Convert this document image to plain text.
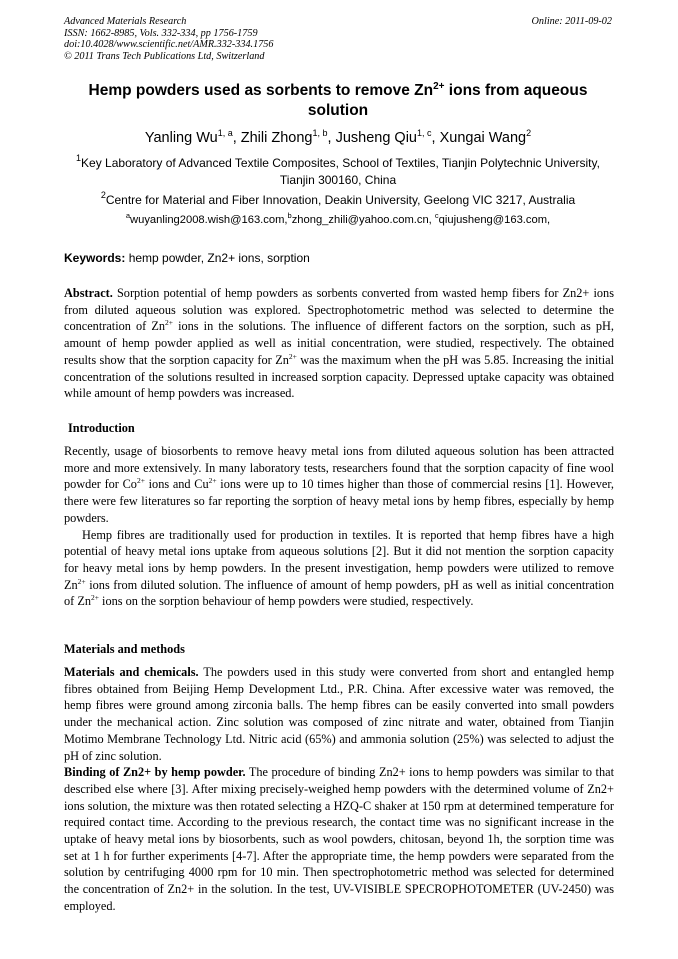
Advanced Materials Research
ISSN: 1662-8985, Vols. 332-334, pp 1756-1759
doi:10.4028/www.scientific.net/AMR.332-334.1756
© 2011 Trans Tech Publications Ltd, Switzerland
Online: 2011-09-02
Hemp powders used as sorbents to remove $Zn^{2+}$ ions from aqueous solution
Yanling Wu$^{1, a}$, Zhili Zhong$^{1, b}$, Jusheng Qiu$^{1, c}$, Xungai Wang$^2$
$^1$Key Laboratory of Advanced Textile Composites, School of Textiles, Tianjin Polytechnic University, Tianjin 300160, China
$^2$Centre for Material and Fiber Innovation, Deakin University, Geelong VIC 3217, Australia
$^a$wuyanling2008.wish@163.com,$^b$zhong_zhili@yahoo.com.cn, $^c$qiujusheng@163.com,
Keywords: hemp powder, Zn2+ ions, sorption

Abstract. Sorption potential of hemp powders as sorbents converted from wasted hemp fibers for Zn2+ ions from diluted aqueous solution was explored. Spectrophotometric method was selected to determine the concentration of $Zn^{2+}$ ions in the solutions. The influence of different factors on the sorption, such as pH, amount of hemp powder applied as well as initial concentration, were studied, respectively. The obtained results show that the sorption capacity for $Zn^{2+}$ was the maximum when the pH was 5.85. Increasing the initial concentration of the solutions resulted in increased sorption capacity. Depressed uptake capacity was obtained while amount of hemp powders was increased.

Introduction

Recently, usage of biosorbents to remove heavy metal ions from diluted aqueous solution has been attracted more and more extensively. In many laboratory tests, researchers found that the sorption capacity of fine wool powder for $Co^{2+}$ ions and $Cu^{2+}$ ions were up to 10 times higher than those of commercial resins [1]. However, there were few literatures so far reporting the sorption of heavy metal ions by hemp fibres, especially by hemp powders.

Hemp fibres are traditionally used for production in textiles. It is reported that hemp fibres have a high potential of heavy metal ions uptake from aqueous solutions [2]. But it did not mention the sorption capacity for heavy metal ions by hemp powders. In the present investigation, hemp powders were utilized to remove $Zn^{2+}$ ions from diluted solution. The influence of amount of hemp powders, pH as well as initial concentration of $Zn^{2+}$ ions on the sorption behaviour of hemp powders were studied, respectively.

Materials and methods

Materials and chemicals. The powders used in this study were converted from short and entangled hemp fibres obtained from Beijing Hemp Development Ltd., P.R. China. After excessive water was removed, the hemp fibres were ground among zirconia balls. The hemp fibres can be easily converted into small powders under the mechanical action. Zinc solution was composed of zinc nitrate and water, obtained from Tianjin Motimo Membrane Technology Ltd. Nitric acid (65%) and ammonia solution (25%) was selected to adjust the pH of zinc solution.

Binding of Zn2+ by hemp powder. The procedure of binding Zn2+ ions to hemp powders was similar to that described else where [3]. After mixing precisely-weighed hemp powders with the determined volume of Zn2+ ions solution, the mixture was then rotated selecting a HZQ-C shaker at 150 rpm at determined temperature for required contact time. According to the previous research, the contact time was no significant increase in the uptake of heavy metal ions by biosorbents, such as wool powders, chitosan, beyond 1h, the sorption time was set at 1 h for further experiments [4-7]. After the appropriate time, the hemp powders were separated from the solution by centrifuging 4000 rpm for 10 min. Then spectrophotometric method was selected for determined the concentration of Zn2+ in the solution. In the test, UV-VISIBLE SPECROPHOTOMETER (UV-2450) was employed.
